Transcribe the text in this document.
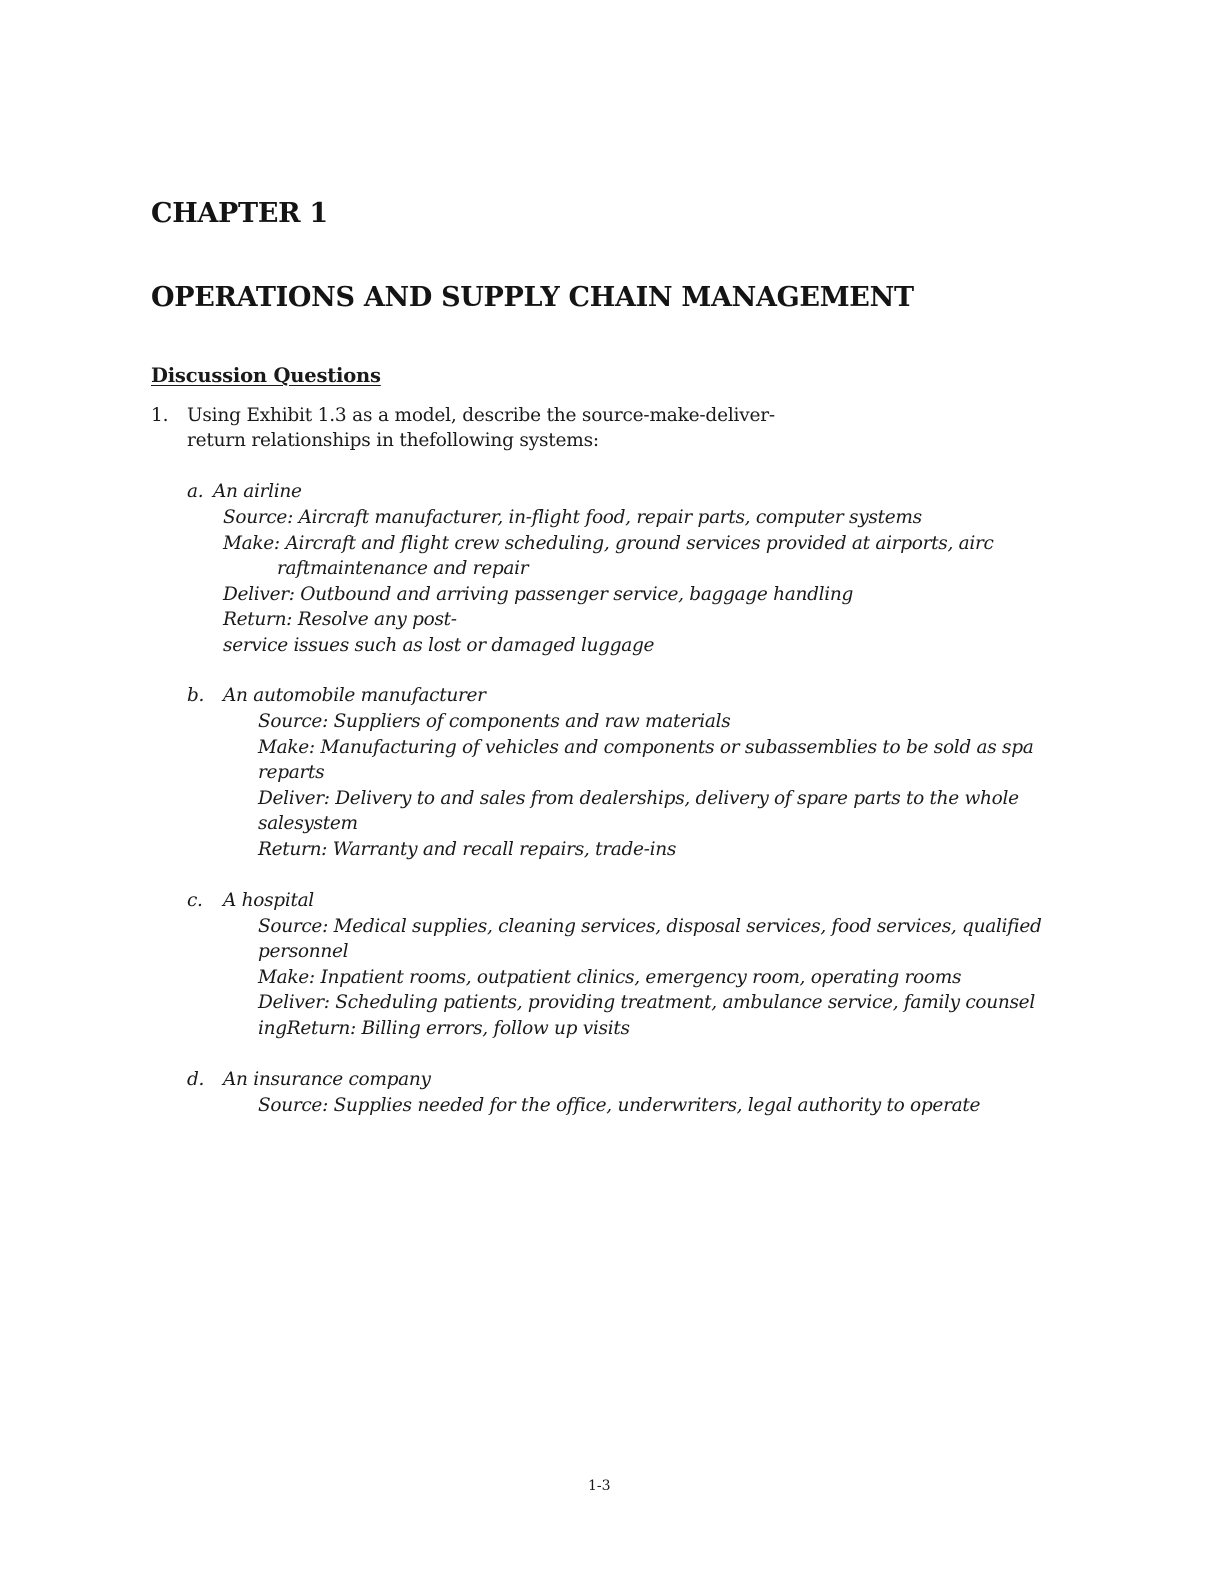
CHAPTER 1
OPERATIONS AND SUPPLY CHAIN MANAGEMENT
Discussion Questions
1. Using Exhibit 1.3 as a model, describe the source-make-deliver-
return relationships in thefollowing systems:
a. An airline
Source: Aircraft manufacturer, in-flight food, repair parts, computer systems
Make: Aircraft and flight crew scheduling, ground services provided at airports, airc
raftmaintenance and repair
Deliver: Outbound and arriving passenger service, baggage handling
Return: Resolve any post-
service issues such as lost or damaged luggage
b. An automobile manufacturer
Source: Suppliers of components and raw materials
Make: Manufacturing of vehicles and components or subassemblies to be sold as spa
reparts
Deliver: Delivery to and sales from dealerships, delivery of spare parts to the whole
salesystem
Return: Warranty and recall repairs, trade-ins
c. A hospital
Source: Medical supplies, cleaning services, disposal services, food services, qualified
personnel
Make: Inpatient rooms, outpatient clinics, emergency room, operating rooms
Deliver: Scheduling patients, providing treatment, ambulance service, family counsel
ingReturn: Billing errors, follow up visits
d. An insurance company
Source: Supplies needed for the office, underwriters, legal authority to operate
1-3
